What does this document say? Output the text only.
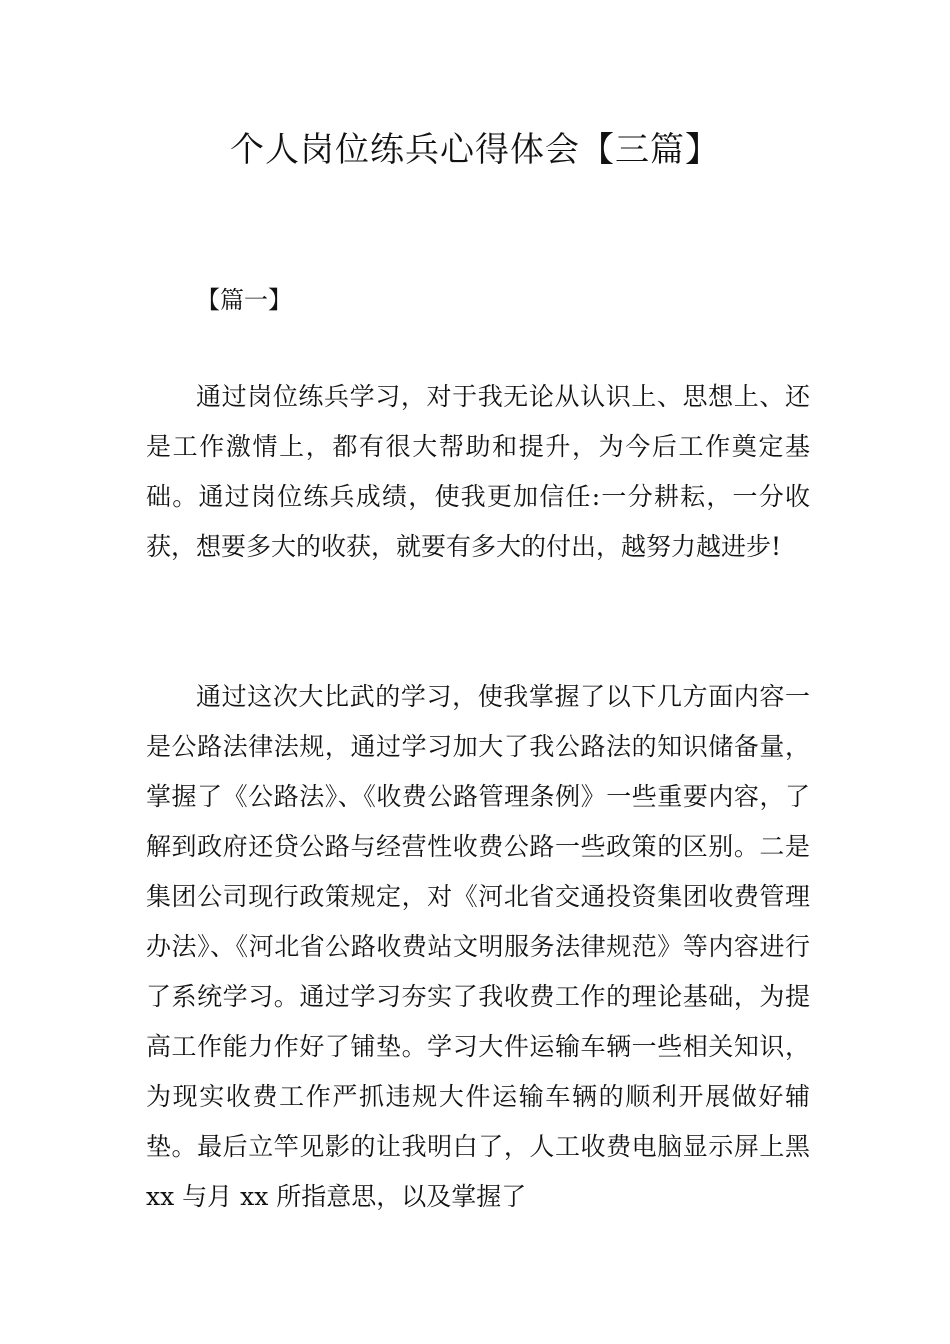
个人岗位练兵心得体会【三篇】
【篇一】

通过岗位练兵学习，对于我无论从认识上、思想上、还是工作激情上，都有很大帮助和提升，为今后工作奠定基础。通过岗位练兵成绩，使我更加信任:一分耕耘，一分收获，想要多大的收获，就要有多大的付出，越努力越进步!

通过这次大比武的学习，使我掌握了以下几方面内容一是公路法律法规，通过学习加大了我公路法的知识储备量，掌握了《公路法》、《收费公路管理条例》一些重要内容，了解到政府还贷公路与经营性收费公路一些政策的区别。二是集团公司现行政策规定，对《河北省交通投资集团收费管理办法》、《河北省公路收费站文明服务法律规范》等内容进行了系统学习。通过学习夯实了我收费工作的理论基础，为提高工作能力作好了铺垫。学习大件运输车辆一些相关知识，为现实收费工作严抓违规大件运输车辆的顺利开展做好辅垫。最后立竿见影的让我明白了，人工收费电脑显示屏上黑 xx 与月 xx 所指意思，以及掌握了
